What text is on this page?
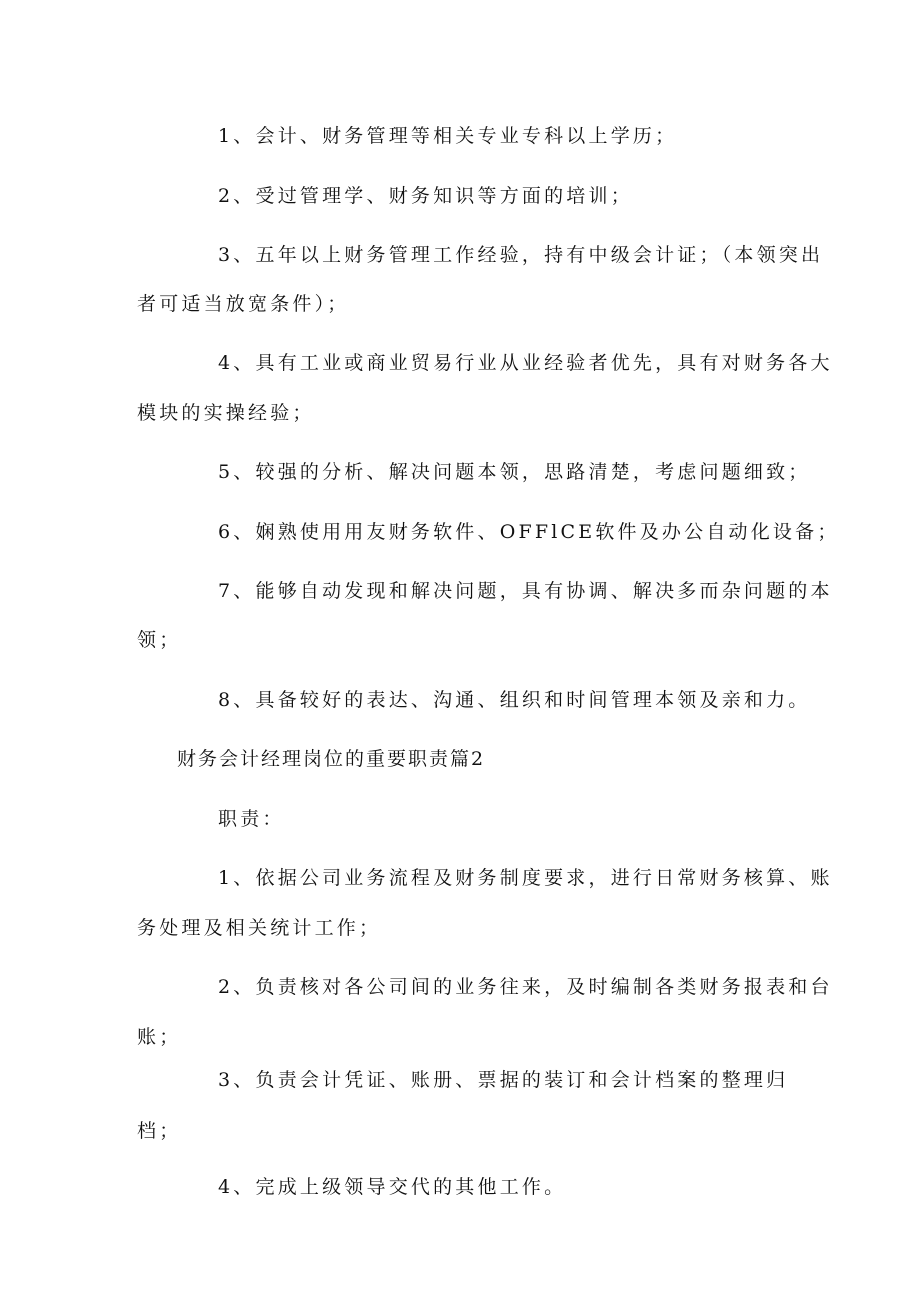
1、会计、财务管理等相关专业专科以上学历；
2、受过管理学、财务知识等方面的培训；
3、五年以上财务管理工作经验，持有中级会计证；（本领突出
者可适当放宽条件）；
4、具有工业或商业贸易行业从业经验者优先，具有对财务各大
模块的实操经验；
5、较强的分析、解决问题本领，思路清楚，考虑问题细致；
6、娴熟使用用友财务软件、OFFlCE软件及办公自动化设备；
7、能够自动发现和解决问题，具有协调、解决多而杂问题的本
领；
8、具备较好的表达、沟通、组织和时间管理本领及亲和力。
财务会计经理岗位的重要职责篇2
职责：
1、依据公司业务流程及财务制度要求，进行日常财务核算、账
务处理及相关统计工作；
2、负责核对各公司间的业务往来，及时编制各类财务报表和台
账；
3、负责会计凭证、账册、票据的装订和会计档案的整理归
档；
4、完成上级领导交代的其他工作。
